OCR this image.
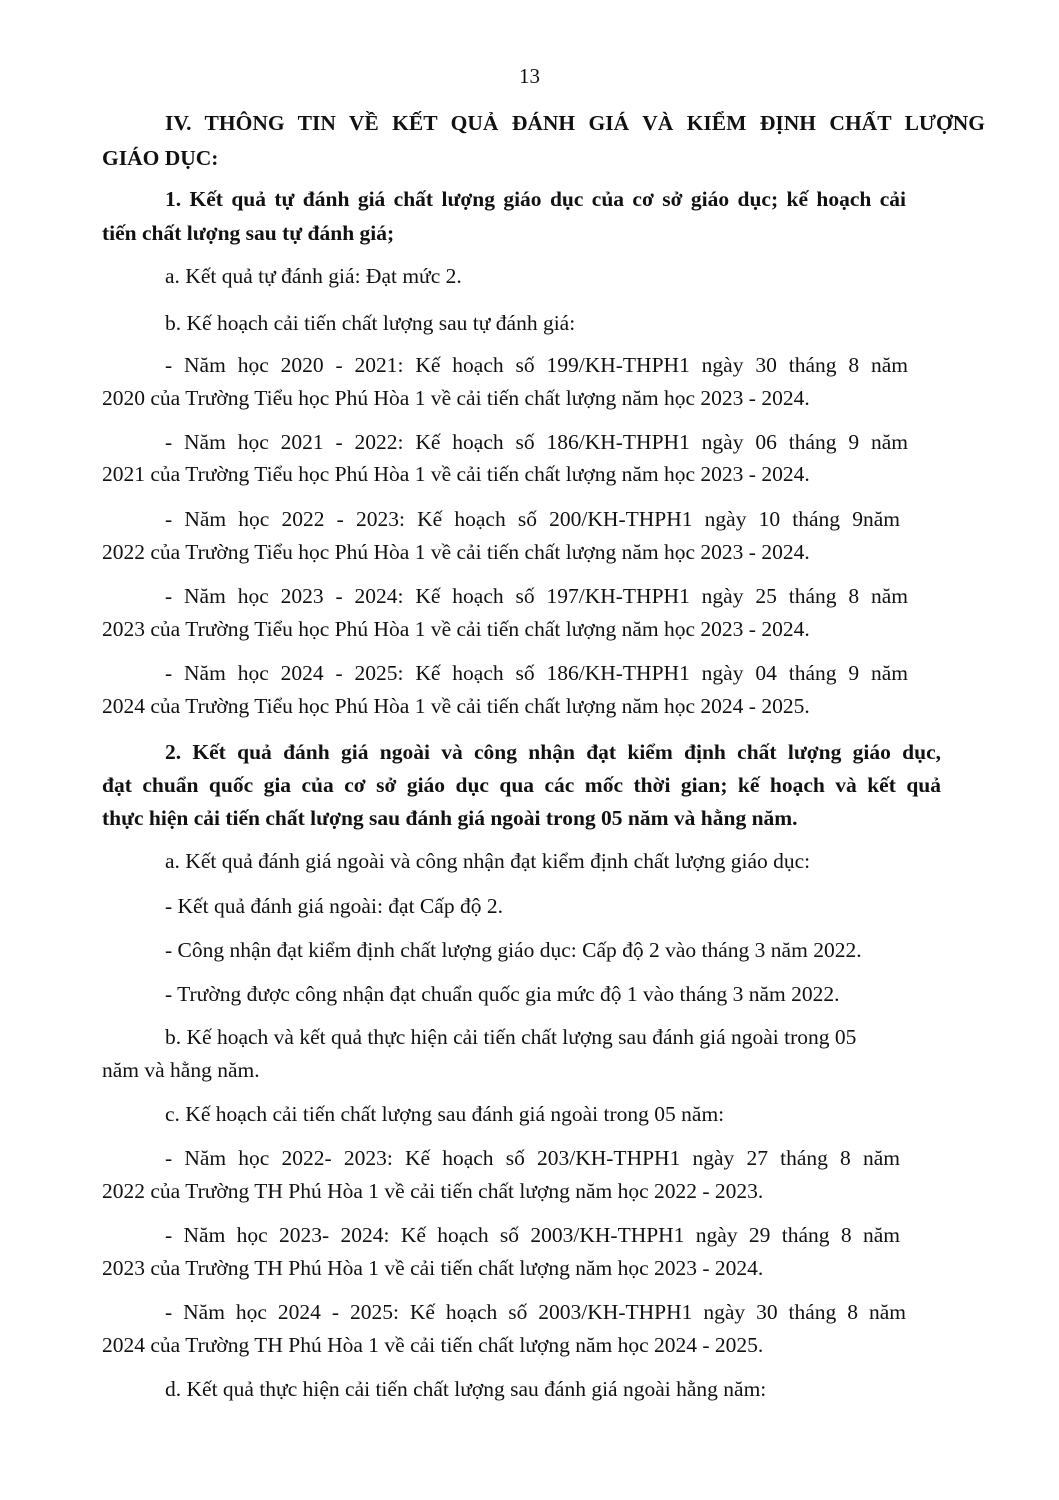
13
IV. THÔNG TIN VỀ KẾT QUẢ ĐÁNH GIÁ VÀ KIỂM ĐỊNH CHẤT LƯỢNG
GIÁO DỤC:
1. Kết quả tự đánh giá chất lượng giáo dục của cơ sở giáo dục; kế hoạch cải
tiến chất lượng sau tự đánh giá;
a. Kết quả tự đánh giá: Đạt mức 2.
b. Kế hoạch cải tiến chất lượng sau tự đánh giá:
- Năm học 2020 - 2021: Kế hoạch số 199/KH-THPH1 ngày 30 tháng 8 năm
2020 của Trường Tiểu học Phú Hòa 1 về cải tiến chất lượng năm học 2023 - 2024.
- Năm học 2021 - 2022: Kế hoạch số 186/KH-THPH1 ngày 06 tháng 9 năm
2021 của Trường Tiểu học Phú Hòa 1 về cải tiến chất lượng năm học 2023 - 2024.
- Năm học 2022 - 2023: Kế hoạch số 200/KH-THPH1 ngày 10 tháng 9năm
2022 của Trường Tiểu học Phú Hòa 1 về cải tiến chất lượng năm học 2023 - 2024.
- Năm học 2023 - 2024: Kế hoạch số 197/KH-THPH1 ngày 25 tháng 8 năm
2023 của Trường Tiểu học Phú Hòa 1 về cải tiến chất lượng năm học 2023 - 2024.
- Năm học 2024 - 2025: Kế hoạch số 186/KH-THPH1 ngày 04 tháng 9 năm
2024 của Trường Tiểu học Phú Hòa 1 về cải tiến chất lượng năm học 2024 - 2025.
2. Kết quả đánh giá ngoài và công nhận đạt kiểm định chất lượng giáo dục,
đạt chuẩn quốc gia của cơ sở giáo dục qua các mốc thời gian; kế hoạch và kết quả
thực hiện cải tiến chất lượng sau đánh giá ngoài trong 05 năm và hằng năm.
a. Kết quả đánh giá ngoài và công nhận đạt kiểm định chất lượng giáo dục:
- Kết quả đánh giá ngoài: đạt Cấp độ 2.
- Công nhận đạt kiểm định chất lượng giáo dục: Cấp độ 2 vào tháng 3 năm 2022.
- Trường được công nhận đạt chuẩn quốc gia mức độ 1 vào tháng 3 năm 2022.
b. Kế hoạch và kết quả thực hiện cải tiến chất lượng sau đánh giá ngoài trong 05
năm và hằng năm.
c. Kế hoạch cải tiến chất lượng sau đánh giá ngoài trong 05 năm:
- Năm học 2022- 2023: Kế hoạch số 203/KH-THPH1 ngày 27 tháng 8 năm
2022 của Trường TH Phú Hòa 1 về cải tiến chất lượng năm học 2022 - 2023.
- Năm học 2023- 2024: Kế hoạch số 2003/KH-THPH1 ngày 29 tháng 8 năm
2023 của Trường TH Phú Hòa 1 về cải tiến chất lượng năm học 2023 - 2024.
- Năm học 2024 - 2025: Kế hoạch số 2003/KH-THPH1 ngày 30 tháng 8 năm
2024 của Trường TH Phú Hòa 1 về cải tiến chất lượng năm học 2024 - 2025.
d. Kết quả thực hiện cải tiến chất lượng sau đánh giá ngoài hằng năm:
